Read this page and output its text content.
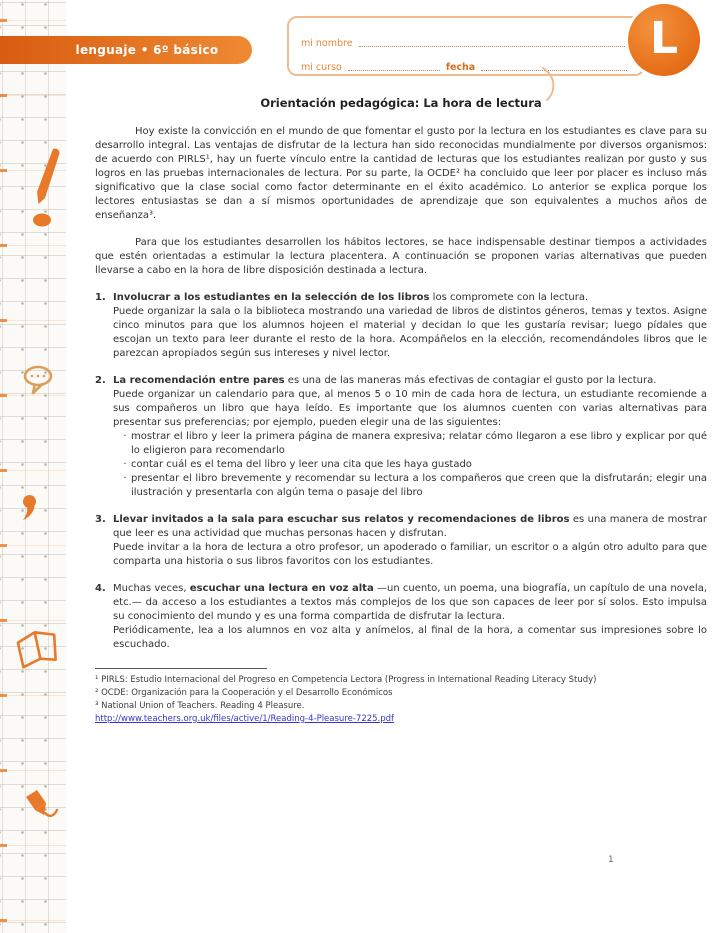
lenguaje • 6º básico	mi nombre
mi curso	fecha
L
Orientación pedagógica: La hora de lectura

Hoy existe la convicción en el mundo de que fomentar el gusto por la lectura en los estudiantes es clave para su desarrollo integral. Las ventajas de disfrutar de la lectura han sido reconocidas mundialmente por diversos organismos: de acuerdo con PIRLS¹, hay un fuerte vínculo entre la cantidad de lecturas que los estudiantes realizan por gusto y sus logros en las pruebas internacionales de lectura. Por su parte, la OCDE² ha concluido que leer por placer es incluso más significativo que la clase social como factor determinante en el éxito académico. Lo anterior se explica porque los lectores entusiastas se dan a sí mismos oportunidades de aprendizaje que son equivalentes a muchos años de enseñanza³.

Para que los estudiantes desarrollen los hábitos lectores, se hace indispensable destinar tiempos a actividades que estén orientadas a estimular la lectura placentera. A continuación se proponen varias alternativas que pueden llevarse a cabo en la hora de libre disposición destinada a lectura.

1. Involucrar a los estudiantes en la selección de los libros los compromete con la lectura.
Puede organizar la sala o la biblioteca mostrando una variedad de libros de distintos géneros, temas y textos. Asigne cinco minutos para que los alumnos hojeen el material y decidan lo que les gustaría revisar; luego pídales que escojan un texto para leer durante el resto de la hora. Acompáñelos en la elección, recomendándoles libros que le parezcan apropiados según sus intereses y nivel lector.
2. La recomendación entre pares es una de las maneras más efectivas de contagiar el gusto por la lectura.
Puede organizar un calendario para que, al menos 5 o 10 min de cada hora de lectura, un estudiante recomiende a sus compañeros un libro que haya leído. Es importante que los alumnos cuenten con varias alternativas para presentar sus preferencias; por ejemplo, pueden elegir una de las siguientes:
· mostrar el libro y leer la primera página de manera expresiva; relatar cómo llegaron a ese libro y explicar por qué lo eligieron para recomendarlo
· contar cuál es el tema del libro y leer una cita que les haya gustado
· presentar el libro brevemente y recomendar su lectura a los compañeros que creen que la disfrutarán; elegir una ilustración y presentarla con algún tema o pasaje del libro
3. Llevar invitados a la sala para escuchar sus relatos y recomendaciones de libros es una manera de mostrar que leer es una actividad que muchas personas hacen y disfrutan.
Puede invitar a la hora de lectura a otro profesor, un apoderado o familiar, un escritor o a algún otro adulto para que comparta una historia o sus libros favoritos con los estudiantes.
4. Muchas veces, escuchar una lectura en voz alta —un cuento, un poema, una biografía, un capítulo de una novela, etc.— da acceso a los estudiantes a textos más complejos de los que son capaces de leer por sí solos. Esto impulsa su conocimiento del mundo y es una forma compartida de disfrutar la lectura.
Periódicamente, lea a los alumnos en voz alta y anímelos, al final de la hora, a comentar sus impresiones sobre lo escuchado.

¹ PIRLS: Estudio Internacional del Progreso en Competencia Lectora (Progress in International Reading Literacy Study)

² OCDE: Organización para la Cooperación y el Desarrollo Económicos

³ National Union of Teachers. Reading 4 Pleasure.

http://www.teachers.org.uk/files/active/1/Reading-4-Pleasure-7225.pdf
1
